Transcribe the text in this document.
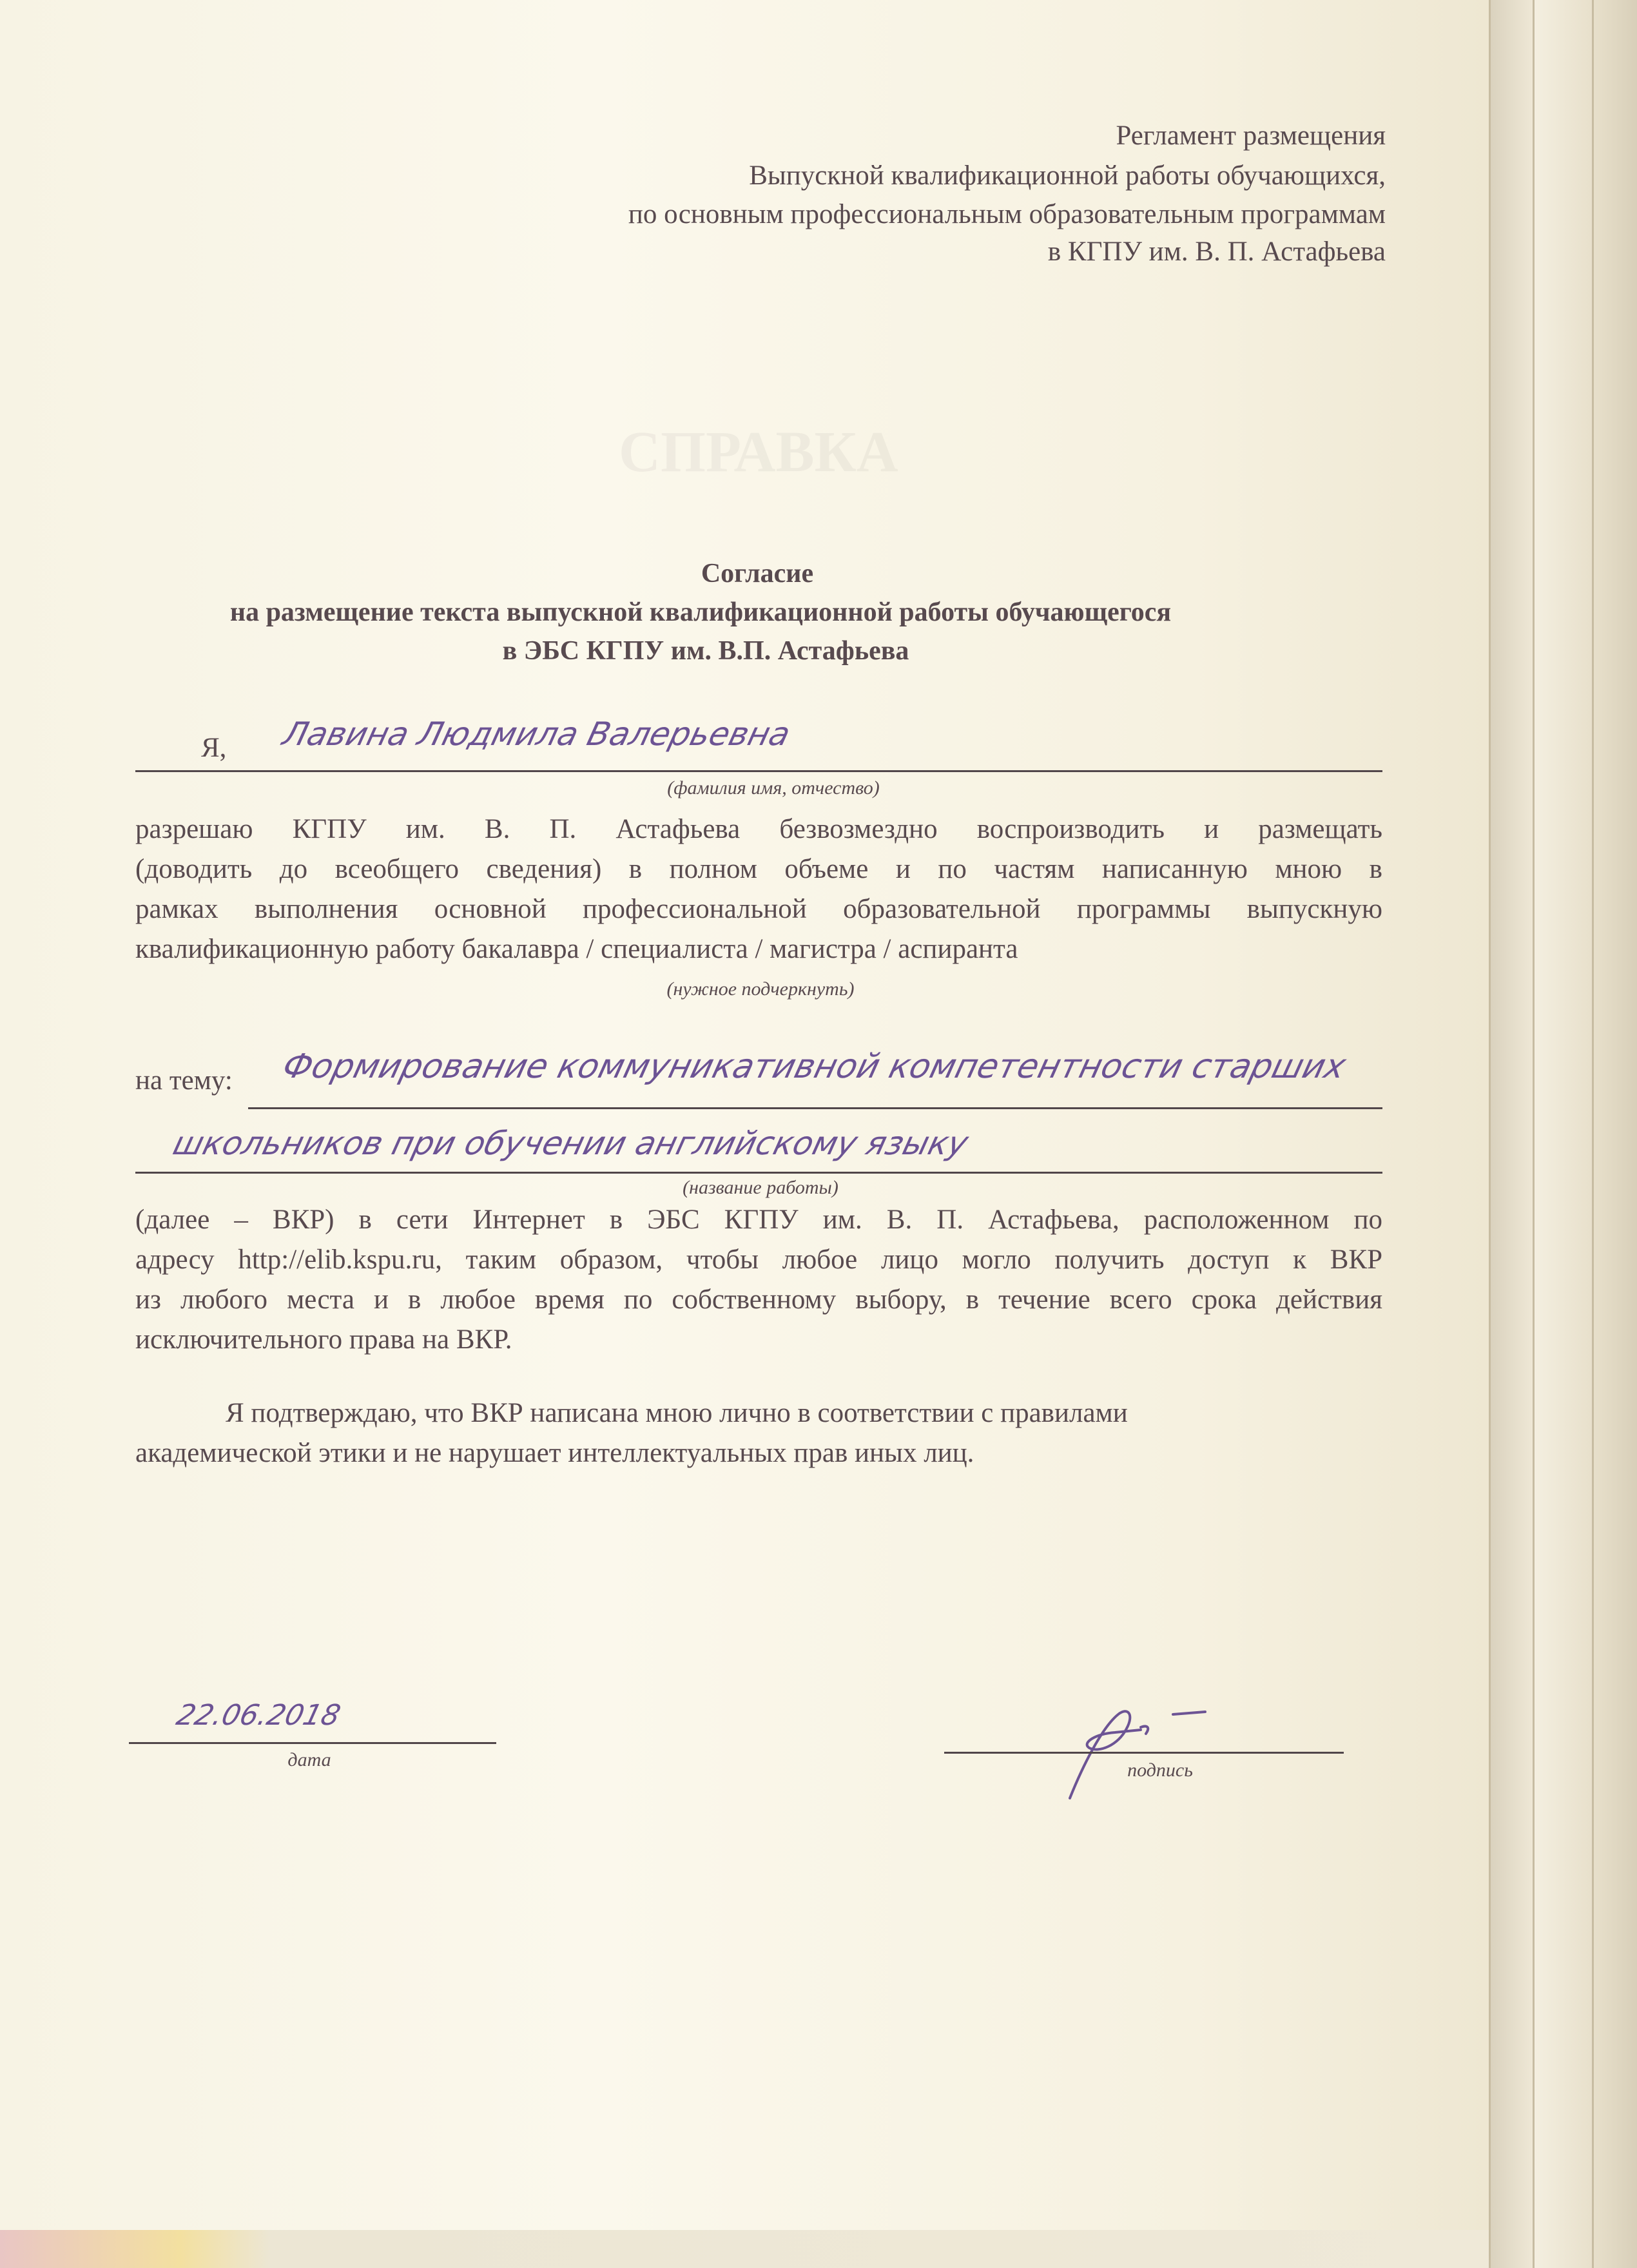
СПРАВКА
Регламент размещения
Выпускной квалификационной работы обучающихся,
по основным профессиональным образовательным программам
в КГПУ им. В. П. Астафьева
Согласие
на размещение текста выпускной квалификационной работы обучающегося
в ЭБС КГПУ им. В.П. Астафьева
Я, Лавина Людмила Валерьевна
(фамилия имя, отчество)
разрешаю КГПУ им. В. П. Астафьева безвозмездно воспроизводить и размещать
(доводить до всеобщего сведения) в полном объеме и по частям написанную мною в
рамках выполнения основной профессиональной образовательной программы выпускную
квалификационную работу бакалавра / специалиста / магистра / аспиранта
(нужное подчеркнуть)
на тему: Формирование коммуникативной компетентности старших
школьников при обучении английскому языку
(название работы)
(далее – ВКР) в сети Интернет в ЭБС КГПУ им. В. П. Астафьева, расположенном по
адресу http://elib.kspu.ru, таким образом, чтобы любое лицо могло получить доступ к ВКР
из любого места и в любое время по собственному выбору, в течение всего срока действия
исключительного права на ВКР.
Я подтверждаю, что ВКР написана мною лично в соответствии с правилами
академической этики и не нарушает интеллектуальных прав иных лиц.
22.06.2018
дата	подпись
